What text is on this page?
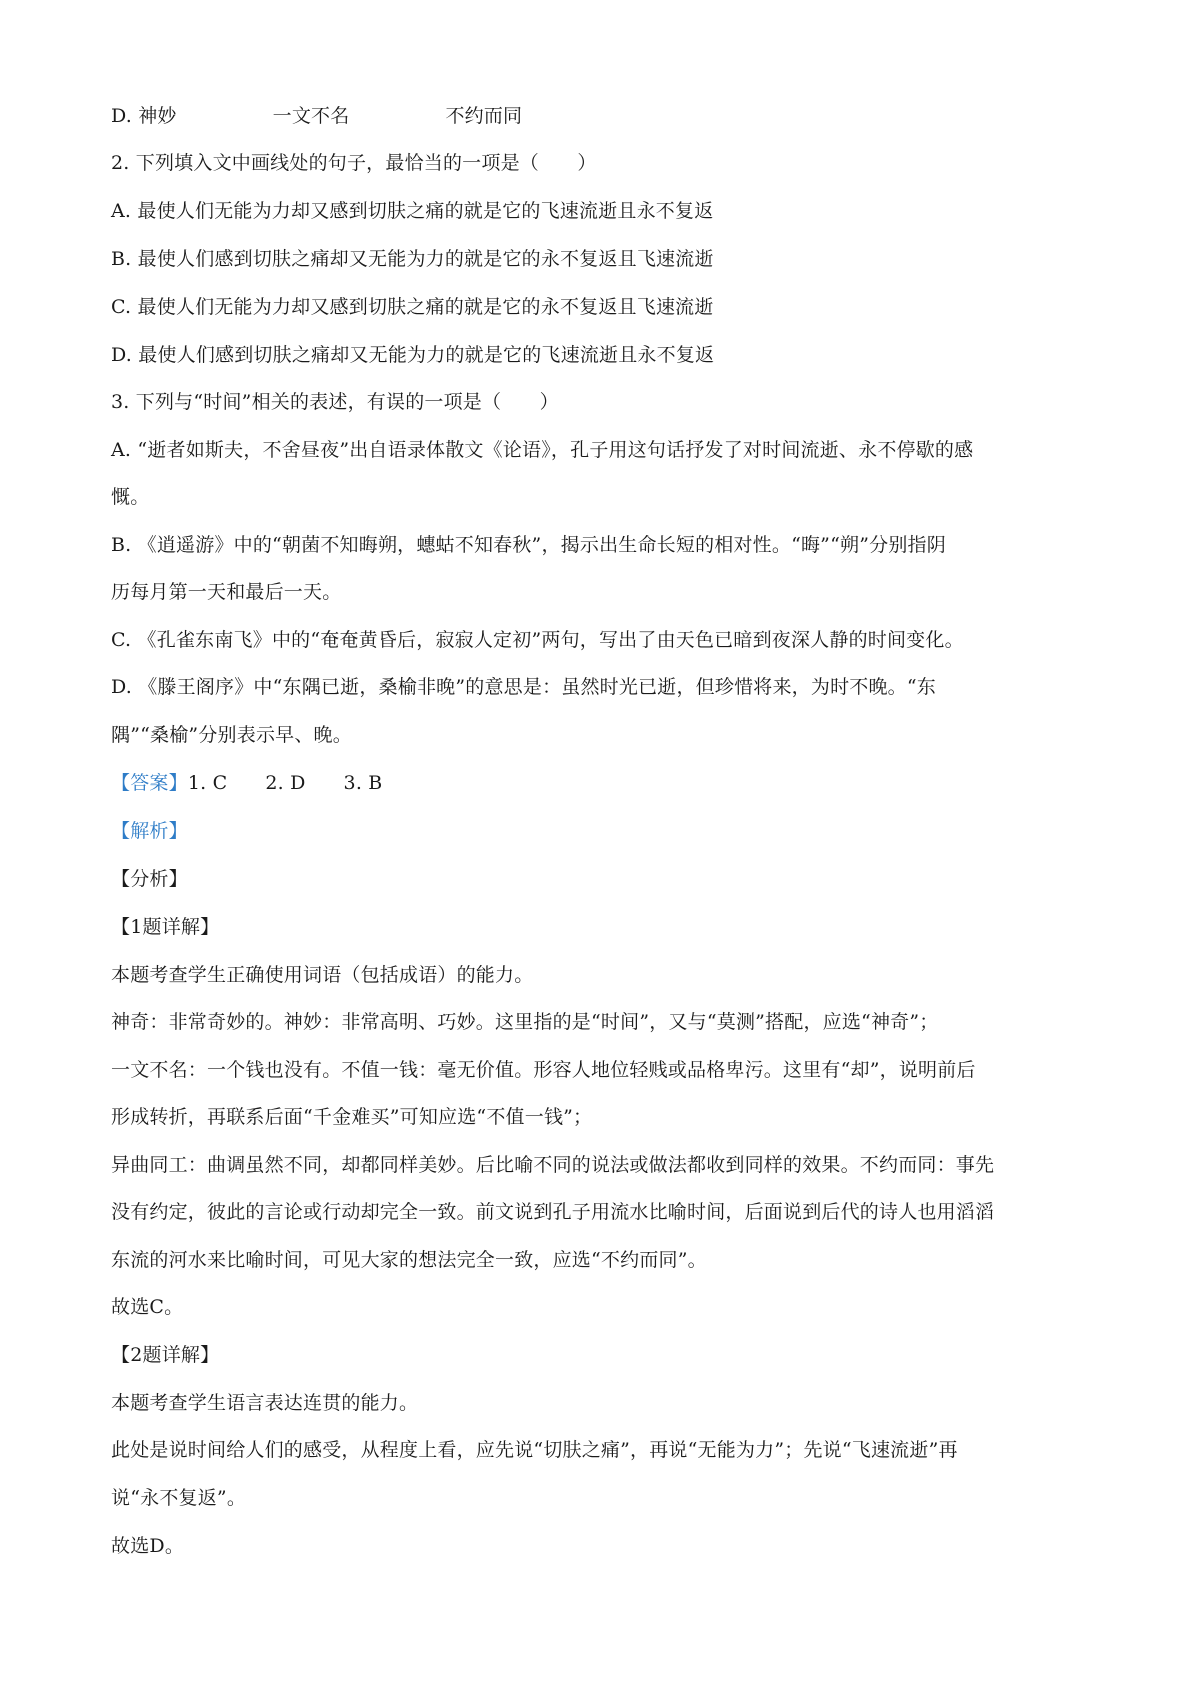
D. 神妙	一文不名	不约而同
2. 下列填入文中画线处的句子，最恰当的一项是（　　）
A. 最使人们无能为力却又感到切肤之痛的就是它的飞速流逝且永不复返
B. 最使人们感到切肤之痛却又无能为力的就是它的永不复返且飞速流逝
C. 最使人们无能为力却又感到切肤之痛的就是它的永不复返且飞速流逝
D. 最使人们感到切肤之痛却又无能为力的就是它的飞速流逝且永不复返
3. 下列与“时间”相关的表述，有误的一项是（　　）
A. “逝者如斯夫，不舍昼夜”出自语录体散文《论语》，孔子用这句话抒发了对时间流逝、永不停歇的感
慨。
B. 《逍遥游》中的“朝菌不知晦朔，蟪蛄不知春秋”，揭示出生命长短的相对性。“晦”“朔”分别指阴
历每月第一天和最后一天。
C. 《孔雀东南飞》中的“奄奄黄昏后，寂寂人定初”两句，写出了由天色已暗到夜深人静的时间变化。
D. 《滕王阁序》中“东隅已逝，桑榆非晚”的意思是：虽然时光已逝，但珍惜将来，为时不晚。“东
隅”“桑榆”分别表示早、晚。
【答案】1. C 2. D 3. B
【解析】
【分析】
【1题详解】
本题考查学生正确使用词语（包括成语）的能力。
神奇：非常奇妙的。神妙：非常高明、巧妙。这里指的是“时间”，又与“莫测”搭配，应选“神奇”；
一文不名：一个钱也没有。不值一钱：毫无价值。形容人地位轻贱或品格卑污。这里有“却”，说明前后
形成转折，再联系后面“千金难买”可知应选“不值一钱”；
异曲同工：曲调虽然不同，却都同样美妙。后比喻不同的说法或做法都收到同样的效果。不约而同：事先
没有约定，彼此的言论或行动却完全一致。前文说到孔子用流水比喻时间，后面说到后代的诗人也用滔滔
东流的河水来比喻时间，可见大家的想法完全一致，应选“不约而同”。
故选C。
【2题详解】
本题考查学生语言表达连贯的能力。
此处是说时间给人们的感受，从程度上看，应先说“切肤之痛”，再说“无能为力”；先说“飞速流逝”再
说“永不复返”。
故选D。
